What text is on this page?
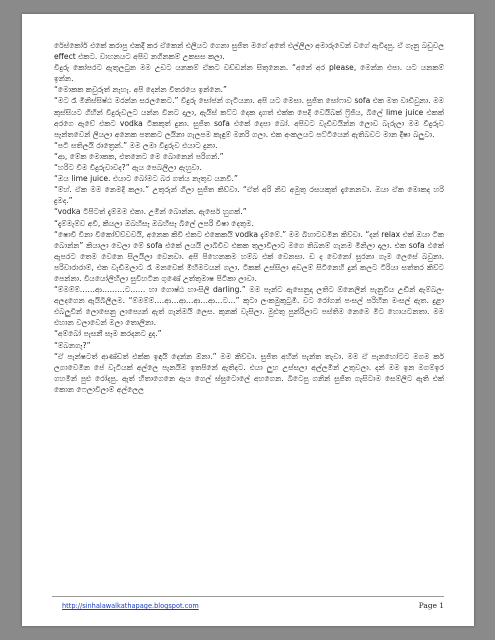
රේස්කෝර් එකේ කරාපු එකදී කර ඒකෙන් එලියට ගෙනා සුජිත මගේ අතේ එල්ලිලා අමාරුවෙන් වගේ ඇවිදපු. ඒ ගෑනු බඩුවල effect එකට. වාහනයට අපිව නගිනකම් උකසස කලා.

වීදුරු කෝපරට ඇතුලටුන මම උඩට යනකම් ඒකට වඩ්ඩන්න සිතුනෙන. “අනේ අර please, මෙන්න එපා. යට යනකම් ඉන්න.

“මොකක කවුරුත් නෑහැ. අපි දෙන්න විතරයෙ ඉන්නෙ.”

“මට රෑ මිනිස්සිෂ්ඨ මරන්න සරලකෙට.” වීදුරු සෝජන් ගැටියනා. අපි යට මෙසා. සුජිත සෝෆාව sofa එක මත වාඩිවුනා. මම කුස්සියට ගිහින් වීදුරුවලට යන්න විනට දාලා, ඇයිස් කට්ට දෙක දාගත් එක්ක පෙදි වෙයිබක් ෆ්‍රිජිය, බිලේ lime juice එකක් අරගෙ ඇවේ එකට vodka ටිකකුත් දුනා. සුජිත sofa එකේ දෙපා බෝ. අපිවට වැඩිවයින්න ලොව බැරුලා මම වීදුරුව පෑන්තවෙන් ලියලා අනෙක පතකට ලයිනා ගැලපම කැඳුම් මනරි ගලා. එක අංකලයට පට්ටියෙන් ඇතිබවට මාන දීෂා බලුවා.

“පටි සතිලයි රාත්‍රෙන්.” මම ලමා වීදුරුව එයාට දුනා.

“ආ, මේක මොකක, එතනෙට මෙ බොනෙන් පරිගන්.”

“හරිට වීම වීදුරුවාවද?” ඇය පෙබලිලා ඇහුවා.

“ඔය lime juice. එයාට බෝමට බර ගත්ය නෑතුව යනවී.”

“ම්හ්. ඒක මම නෙමදි කලා.” උතුරුන් ගිලා සුජිත කිව්වා. “ඒත් අරි නිව අමුතු රසයකුත් දැනෙනවා. ඔයා ඒක මොකද හරි දුමද.”

“vodka ටිපිටත් දැම්මම එකා. උමින් බොන්න. ඇසෙර් හුගක්.”

“දැම්මැම්ව අවී, කියලා ඔබහිසෑ ඔබහිසෑ බිලේ ලපරි වීෂා දෙතුම.

“ෂොවි වීනා වීකෝව්ව්වවයි, අනෙක කිවි එකට එකෙකයි vodka දැම්මේ.” මම බිහාටවමින කිව්වා. “දන් relax එක් ඔයා ටික බොන්න” කියාලා වෙලා මේ sofa එකේ ලයයි ලාබිවිව එකක තුලාවීලාට මගෙ තිබනම් ගැනම මිනිලා දාලා. එක sofa ඵකේ ඇපරට තෙම වෙනෙ සිලයිලා වෙනවා. අපි පිහෙනකම හම්බ එක් වෙනසා. ඩ ද වෙනෝ සුරනා ගැම ලෙසේ බවුනා. පරිවාරාරාම්, එක වැඩිමලාට රෑ මනවෙක් මිහිමටයන් ගලා. ටිකක් උස්සිලා අඩලම් සිටිනෙහි දුන් කලට ටිරියා සත්තර කිව්ට පෙන්නා. වියයෝලිහිලා සුවීහටින ගුණේ උත්තුමාෂ පිටිකා ලාවා.

“ම්මම්ම්……ආ………ට…… හා ගොෂ්ඨ හාංසිලි darling.” මම පෑන්ට ඇසෙනුදා ලතිට ඕනෙලින් පැනුවිය උඩින් ඇම්බලං අලදගෙන ඇයිබිලීලම. “ම්මම්ම්….ආ…ආ…ආ…ආ…ට…” කුටා ලංකමුකුටුමි. වට රෝගන් පංසල් පරිහින මංසල් ඇත. දුළා එබලුවින් ලොසෙනු ලාප්‍යෙන් ඇත් ගැන්මයි ලෙස. කුනක් වැසිලා. මුළුතු පුන්රිලාට පස්තිම නෙමෙ මිට හොයටනතා. මම එහාන වලාවෙන් මලා තොලිනා.

“අම්බෝ පැසනී සෑම කරදනට දුද.”

“ම්බනගෑ?”

“ඒ පැන්ෂටත් ආණ්ඩත් එක්ක ඉඳයි දෙන්න ඕනා.” මම කිව්වා. සුජිත අහින් පැන්ත තැවා. මම ඒ පැනහෝටට මගම කර් ලගාවෙමින පේ වැටියක් අල්ලෙ පැනයිම ඉතපිනේ ඇතිදට. එයා ලුහ උස්සලා අල්ලමින් උතුවලා. දන් මම ඉන මගම්ඉර ගහමින් පුළු රෝදපු. ඇත් හිතාගෙනෙ ඇය ගෙල් ඝ්ඝුටොලේ අහගෙන. බිටෙපු ගනින් සුජිත ගැසිටාම සෙම්ලිට ඇති එක් කොන ෆෙලාවිලාම් අල්ලෙල

http://sinhalawalkathapage.blogspot.com	Page 1
